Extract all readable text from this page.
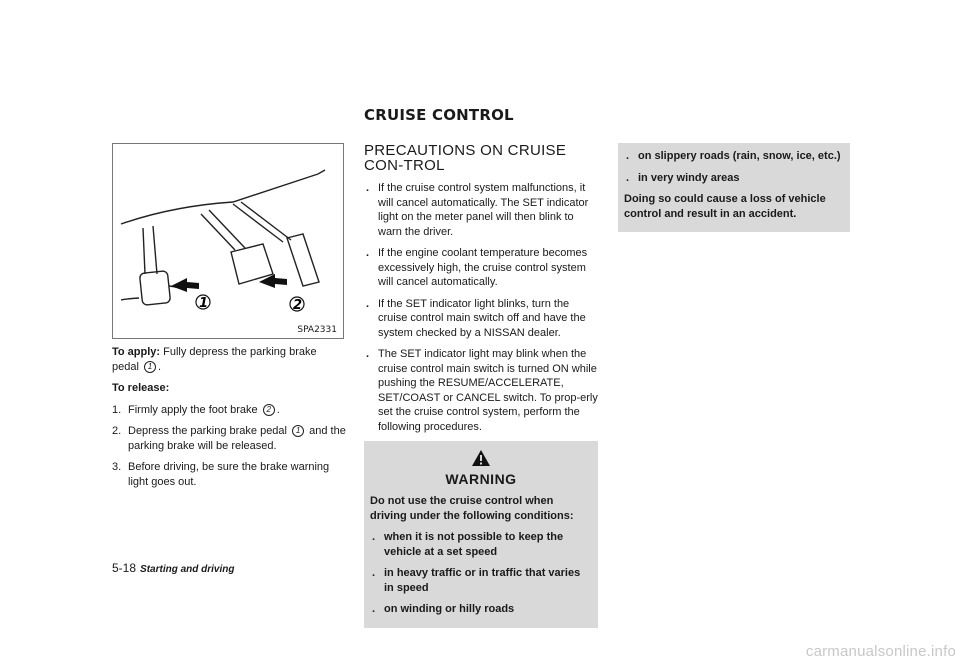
CRUISE CONTROL
1	2
SPA2331

To apply: Fully depress the parking brake pedal 1 .

To release:

1. Firmly apply the foot brake 2 .
2. Depress the parking brake pedal 1 and the parking brake will be released.
3. Before driving, be sure the brake warning light goes out.
PRECAUTIONS ON CRUISE CON-TROL
. If the cruise control system malfunctions, it will cancel automatically. The SET indicator light on the meter panel will then blink to warn the driver.
. If the engine coolant temperature becomes excessively high, the cruise control system will cancel automatically.
. If the SET indicator light blinks, turn the cruise control main switch off and have the system checked by a NISSAN dealer.
. The SET indicator light may blink when the cruise control main switch is turned ON while pushing the RESUME/ACCELERATE, SET/COAST or CANCEL switch. To prop-erly set the cruise control system, perform the following procedures.
WARNING

Do not use the cruise control when driving under the following conditions:

. when it is not possible to keep the vehicle at a set speed
. in heavy traffic or in traffic that varies in speed
. on winding or hilly roads
. on slippery roads (rain, snow, ice, etc.)
. in very windy areas

Doing so could cause a loss of vehicle control and result in an accident.

5-18 Starting and driving
carmanualsonline.info
